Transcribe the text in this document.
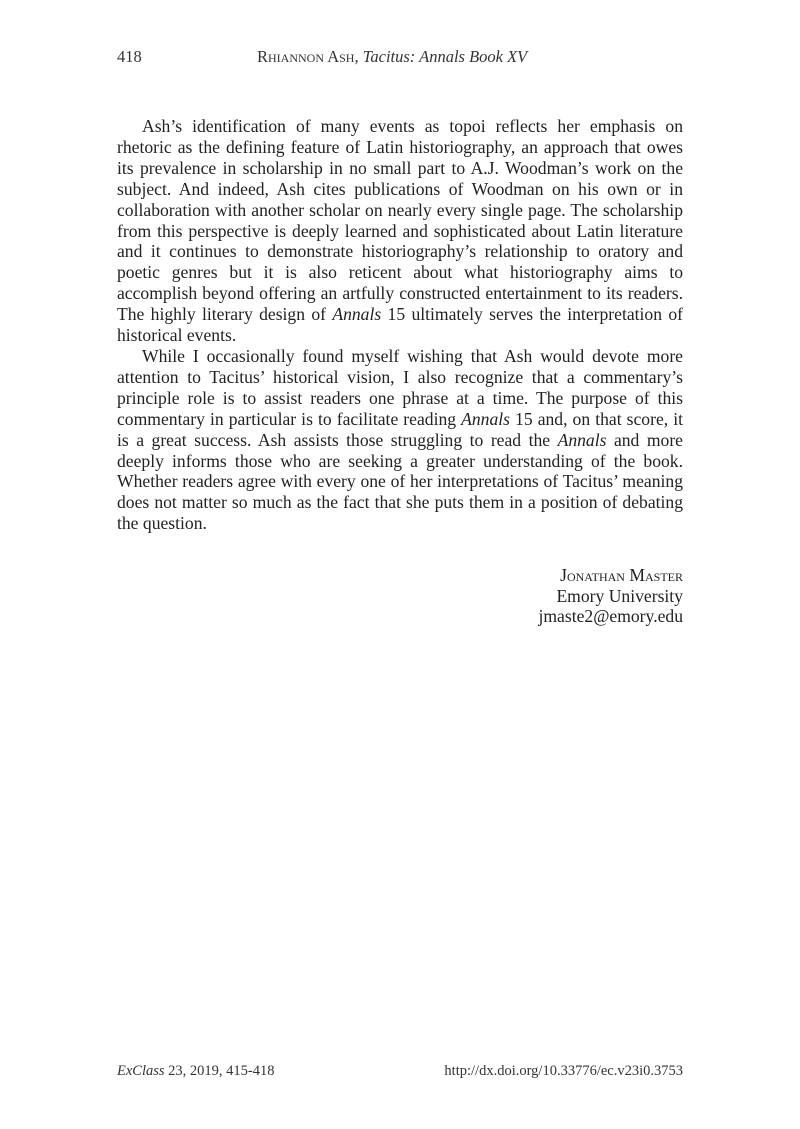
418	Rhiannon Ash, Tacitus: Annals Book XV

Ash’s identification of many events as topoi reflects her emphasis on rhetoric as the defining feature of Latin historiography, an approach that owes its prevalence in scholarship in no small part to A.J. Woodman’s work on the subject. And indeed, Ash cites publications of Woodman on his own or in collaboration with another scholar on nearly every single page. The scholarship from this perspective is deeply learned and sophisticated about Latin literature and it continues to demonstrate historiography’s relationship to oratory and poetic genres but it is also reticent about what historiography aims to accomplish beyond offering an artfully constructed entertainment to its readers. The highly literary design of Annals 15 ultimately serves the interpretation of historical events.

While I occasionally found myself wishing that Ash would devote more attention to Tacitus’ historical vision, I also recognize that a commentary’s principle role is to assist readers one phrase at a time. The purpose of this commentary in particular is to facilitate reading Annals 15 and, on that score, it is a great success. Ash assists those struggling to read the Annals and more deeply informs those who are seeking a greater understanding of the book. Whether readers agree with every one of her interpretations of Tacitus’ meaning does not matter so much as the fact that she puts them in a position of debating the question.

Jonathan Master
Emory University
jmaste2@emory.edu
ExClass 23, 2019, 415-418	http://dx.doi.org/10.33776/ec.v23i0.3753
